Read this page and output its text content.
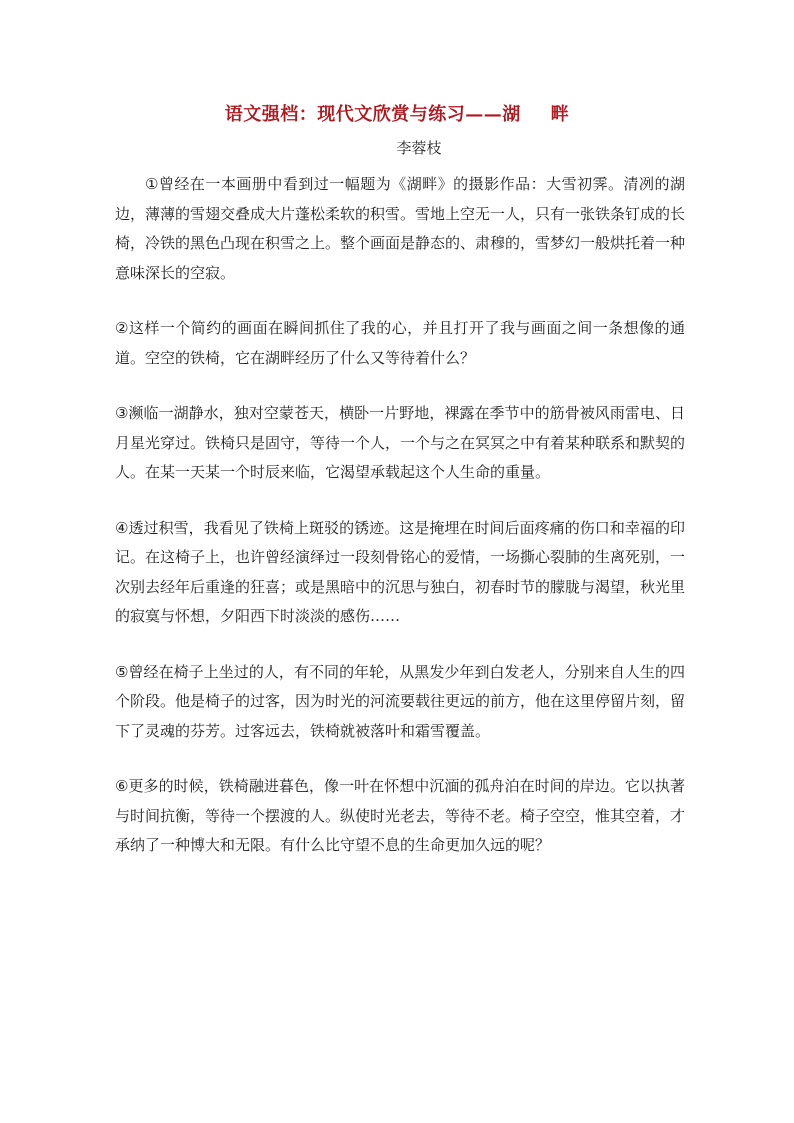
语文强档：现代文欣赏与练习——湖 畔
李蓉枝

①曾经在一本画册中看到过一幅题为《湖畔》的摄影作品：大雪初霁。清冽的湖边，薄薄的雪翅交叠成大片蓬松柔软的积雪。雪地上空无一人，只有一张铁条钉成的长椅，冷铁的黑色凸现在积雪之上。整个画面是静态的、肃穆的，雪梦幻一般烘托着一种意味深长的空寂。

②这样一个简约的画面在瞬间抓住了我的心，并且打开了我与画面之间一条想像的通道。空空的铁椅，它在湖畔经历了什么又等待着什么？

③濒临一湖静水，独对空蒙苍天，横卧一片野地，裸露在季节中的筋骨被风雨雷电、日月星光穿过。铁椅只是固守，等待一个人，一个与之在冥冥之中有着某种联系和默契的人。在某一天某一个时辰来临，它渴望承载起这个人生命的重量。

④透过积雪，我看见了铁椅上斑驳的锈迹。这是掩埋在时间后面疼痛的伤口和幸福的印记。在这椅子上，也许曾经演绎过一段刻骨铭心的爱情，一场撕心裂肺的生离死别，一次别去经年后重逢的狂喜；或是黑暗中的沉思与独白，初春时节的朦胧与渴望，秋光里的寂寞与怀想，夕阳西下时淡淡的感伤……

⑤曾经在椅子上坐过的人，有不同的年轮，从黑发少年到白发老人，分别来自人生的四个阶段。他是椅子的过客，因为时光的河流要载往更远的前方，他在这里停留片刻，留下了灵魂的芬芳。过客远去，铁椅就被落叶和霜雪覆盖。

⑥更多的时候，铁椅融进暮色，像一叶在怀想中沉湎的孤舟泊在时间的岸边。它以执著与时间抗衡，等待一个摆渡的人。纵使时光老去，等待不老。椅子空空，惟其空着，才承纳了一种博大和无限。有什么比守望不息的生命更加久远的呢？
